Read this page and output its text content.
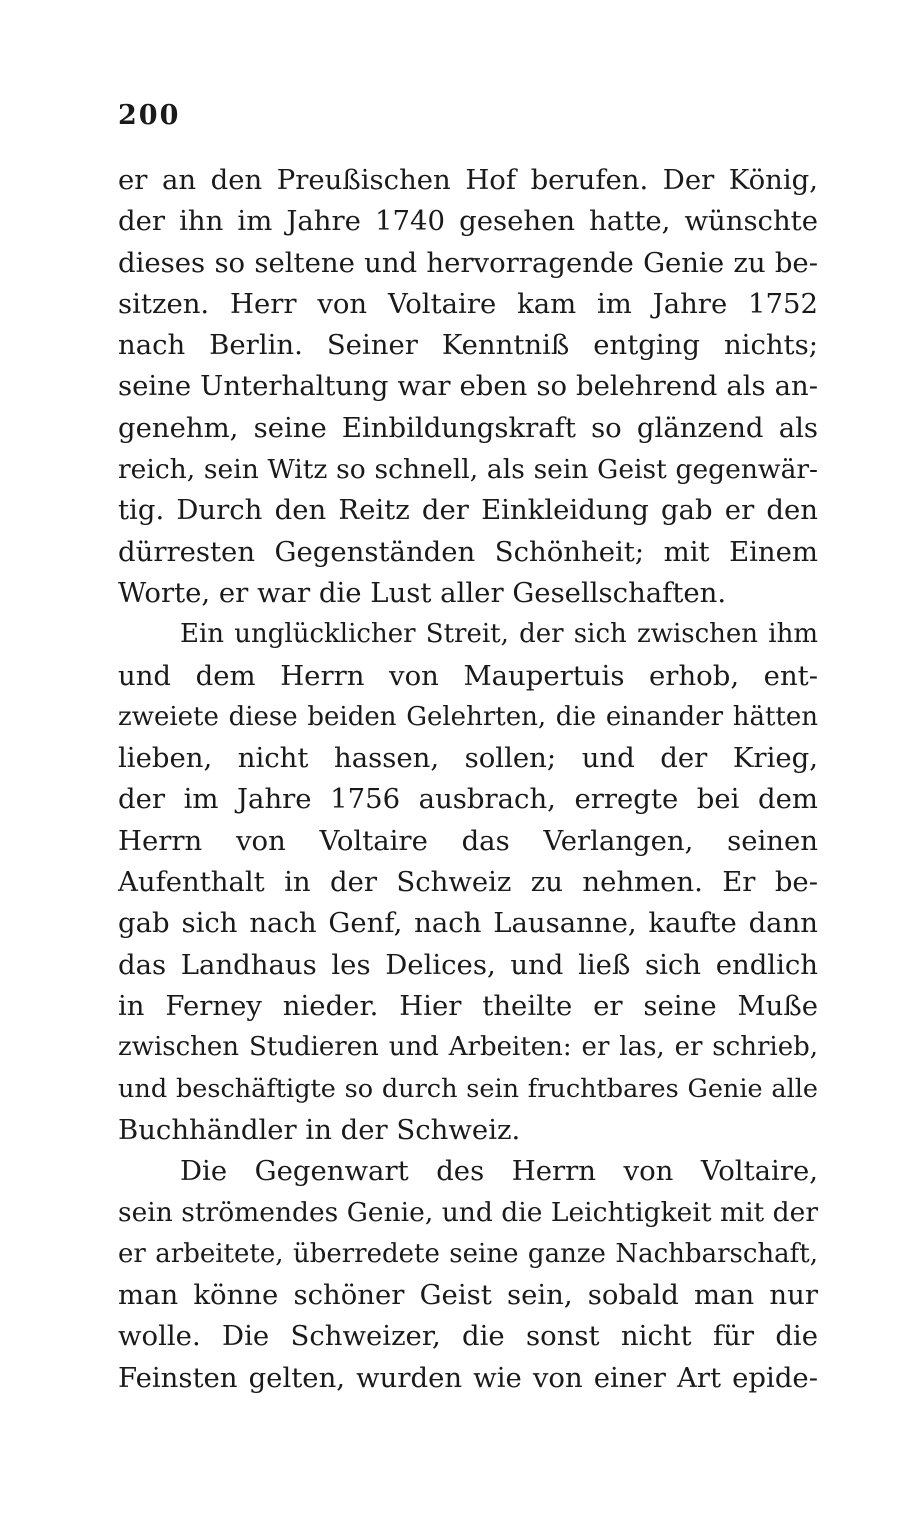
200
er an den Preußischen Hof berufen. Der König,
der ihn im Jahre 1740 gesehen hatte, wünschte
dieses so seltene und hervorragende Genie zu be-
sitzen. Herr von Voltaire kam im Jahre 1752
nach Berlin. Seiner Kenntniß entging nichts;
seine Unterhaltung war eben so belehrend als an-
genehm, seine Einbildungskraft so glänzend als
reich, sein Witz so schnell, als sein Geist gegenwär-
tig. Durch den Reitz der Einkleidung gab er den
dürresten Gegenständen Schönheit; mit Einem
Worte, er war die Lust aller Gesellschaften.
Ein unglücklicher Streit, der sich zwischen ihm
und dem Herrn von Maupertuis erhob, ent-
zweiete diese beiden Gelehrten, die einander hätten
lieben, nicht hassen, sollen; und der Krieg,
der im Jahre 1756 ausbrach, erregte bei dem
Herrn von Voltaire das Verlangen, seinen
Aufenthalt in der Schweiz zu nehmen. Er be-
gab sich nach Genf, nach Lausanne, kaufte dann
das Landhaus les Delices, und ließ sich endlich
in Ferney nieder. Hier theilte er seine Muße
zwischen Studieren und Arbeiten: er las, er schrieb,
und beschäftigte so durch sein fruchtbares Genie alle
Buchhändler in der Schweiz.
Die Gegenwart des Herrn von Voltaire,
sein strömendes Genie, und die Leichtigkeit mit der
er arbeitete, überredete seine ganze Nachbarschaft,
man könne schöner Geist sein, sobald man nur
wolle. Die Schweizer, die sonst nicht für die
Feinsten gelten, wurden wie von einer Art epide-
